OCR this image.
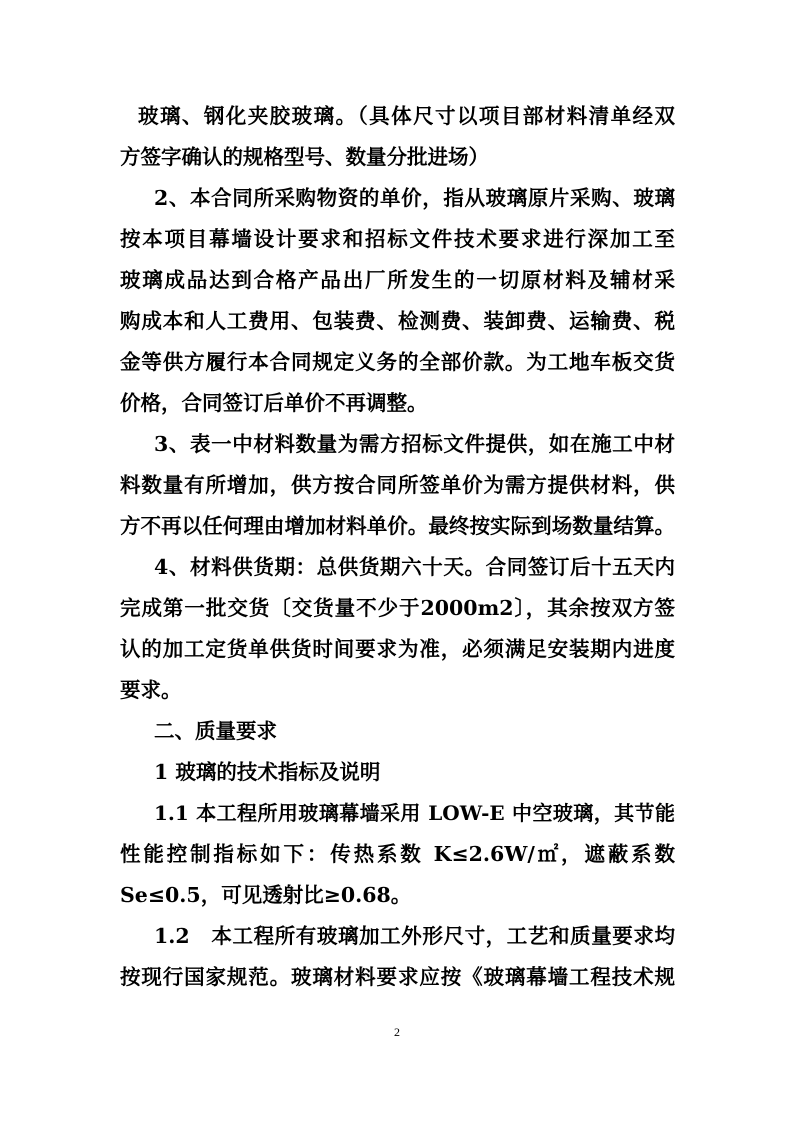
玻璃、钢化夹胶玻璃。（具体尺寸以项目部材料清单经双
方签字确认的规格型号、数量分批进场）
2、本合同所采购物资的单价，指从玻璃原片采购、玻璃
按本项目幕墙设计要求和招标文件技术要求进行深加工至
玻璃成品达到合格产品出厂所发生的一切原材料及辅材采
购成本和人工费用、包装费、检测费、装卸费、运输费、税
金等供方履行本合同规定义务的全部价款。为工地车板交货
价格，合同签订后单价不再调整。
3、表一中材料数量为需方招标文件提供，如在施工中材
料数量有所增加，供方按合同所签单价为需方提供材料，供
方不再以任何理由增加材料单价。最终按实际到场数量结算。
4、材料供货期：总供货期六十天。合同签订后十五天内
完成第一批交货〔交货量不少于2000m2〕，其余按双方签
认的加工定货单供货时间要求为准，必须满足安装期内进度
要求。
二、质量要求
1 玻璃的技术指标及说明
1.1 本工程所用玻璃幕墙采用 LOW-E 中空玻璃，其节能
性能控制指标如下：传热系数 K≤2.6W/㎡，遮蔽系数
Se≤0.5，可见透射比≥0.68。
1.2　本工程所有玻璃加工外形尺寸，工艺和质量要求均
按现行国家规范。玻璃材料要求应按《玻璃幕墙工程技术规
2
